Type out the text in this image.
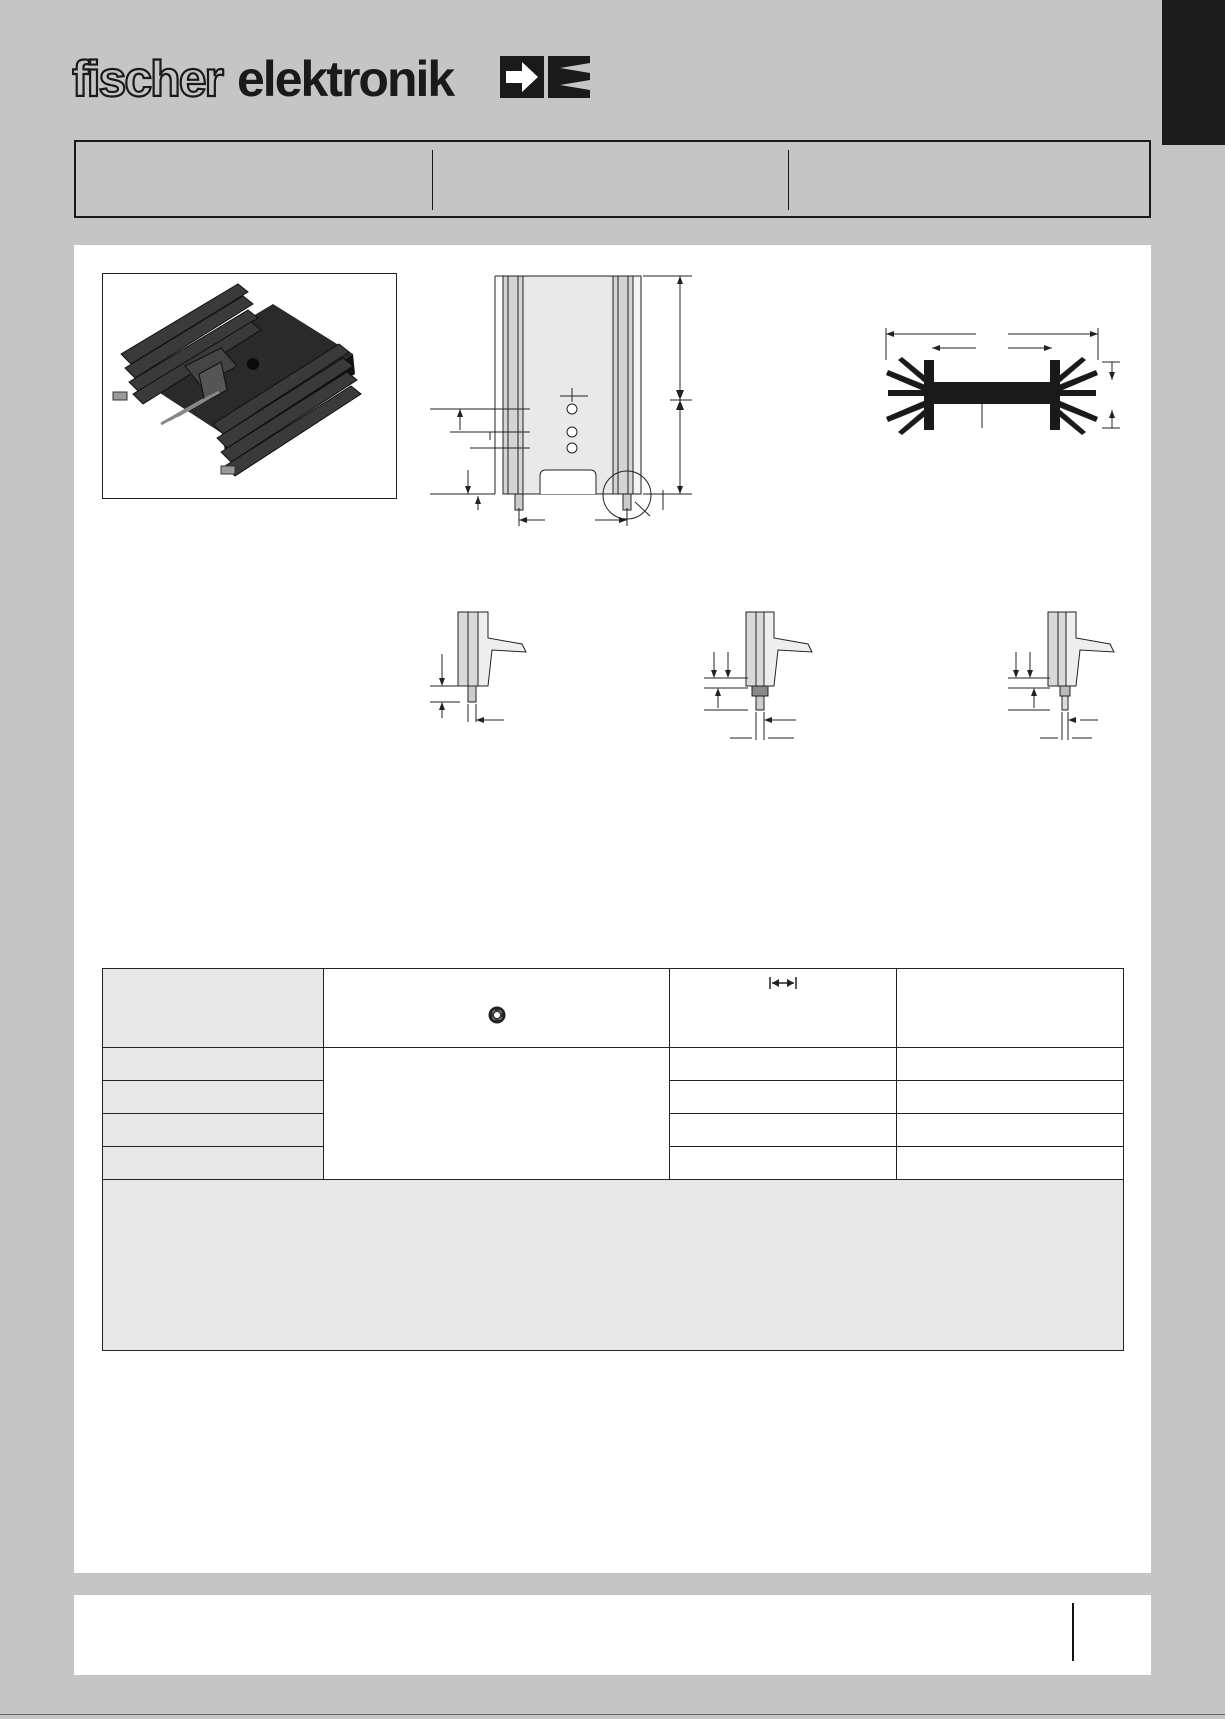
fischer elektronik
